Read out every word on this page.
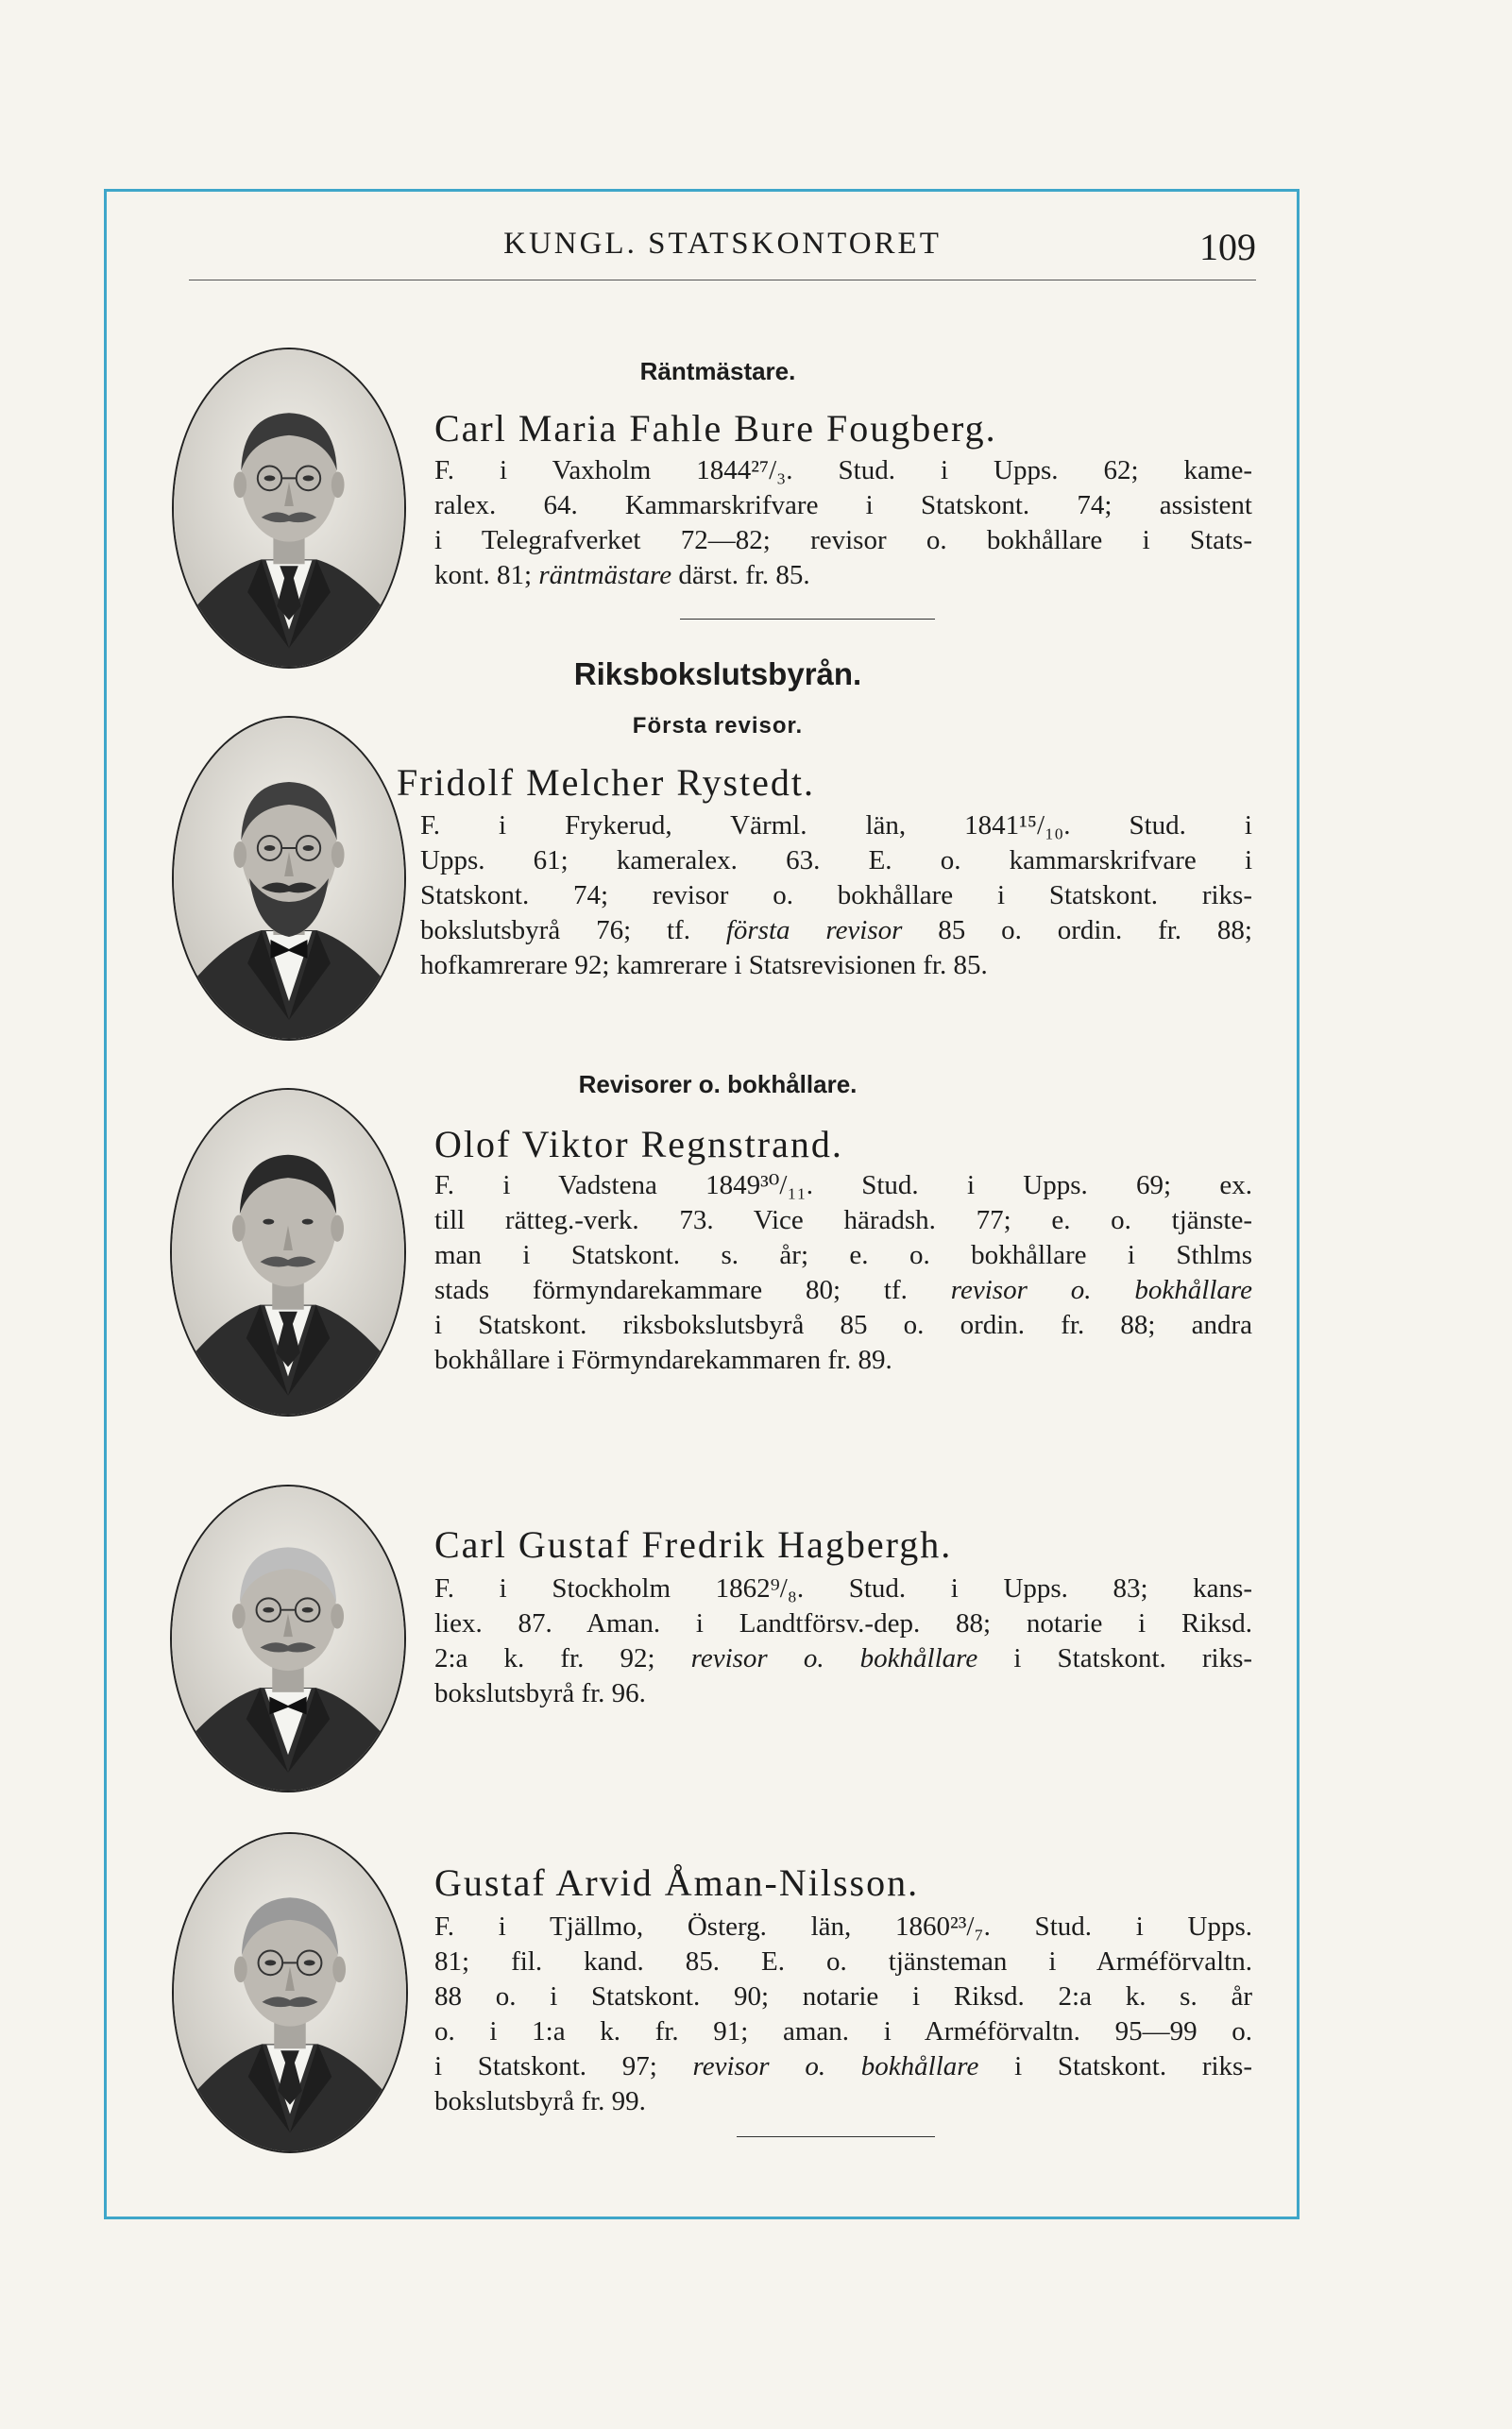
KUNGL. STATSKONTORET	109
Räntmästare.
Carl Maria Fahle Bure Fougberg.
F. i Vaxholm 1844²⁷/₃. Stud. i Upps. 62; kame-
ralex. 64. Kammarskrifvare i Statskont. 74; assistent
i Telegrafverket 72—82; revisor o. bokhållare i Stats-
kont. 81; räntmästare därst. fr. 85.
Riksbokslutsbyrån.
Första revisor.
Fridolf Melcher Rystedt.
F. i Frykerud, Värml. län, 1841¹⁵/₁₀. Stud. i
Upps. 61; kameralex. 63. E. o. kammarskrifvare i
Statskont. 74; revisor o. bokhållare i Statskont. riks-
bokslutsbyrå 76; tf. första revisor 85 o. ordin. fr. 88;
hofkamrerare 92; kamrerare i Statsrevisionen fr. 85.
Revisorer o. bokhållare.
Olof Viktor Regnstrand.
F. i Vadstena 1849³⁰/₁₁. Stud. i Upps. 69; ex.
till rätteg.-verk. 73. Vice häradsh. 77; e. o. tjänste-
man i Statskont. s. år; e. o. bokhållare i Sthlms
stads förmyndarekammare 80; tf. revisor o. bokhållare
i Statskont. riksbokslutsbyrå 85 o. ordin. fr. 88; andra
bokhållare i Förmyndarekammaren fr. 89.
Carl Gustaf Fredrik Hagbergh.
F. i Stockholm 1862⁹/₈. Stud. i Upps. 83; kans-
liex. 87. Aman. i Landtförsv.-dep. 88; notarie i Riksd.
2:a k. fr. 92; revisor o. bokhållare i Statskont. riks-
bokslutsbyrå fr. 96.
Gustaf Arvid Åman-Nilsson.
F. i Tjällmo, Österg. län, 1860²³/₇. Stud. i Upps.
81; fil. kand. 85. E. o. tjänsteman i Arméförvaltn.
88 o. i Statskont. 90; notarie i Riksd. 2:a k. s. år
o. i 1:a k. fr. 91; aman. i Arméförvaltn. 95—99 o.
i Statskont. 97; revisor o. bokhållare i Statskont. riks-
bokslutsbyrå fr. 99.
